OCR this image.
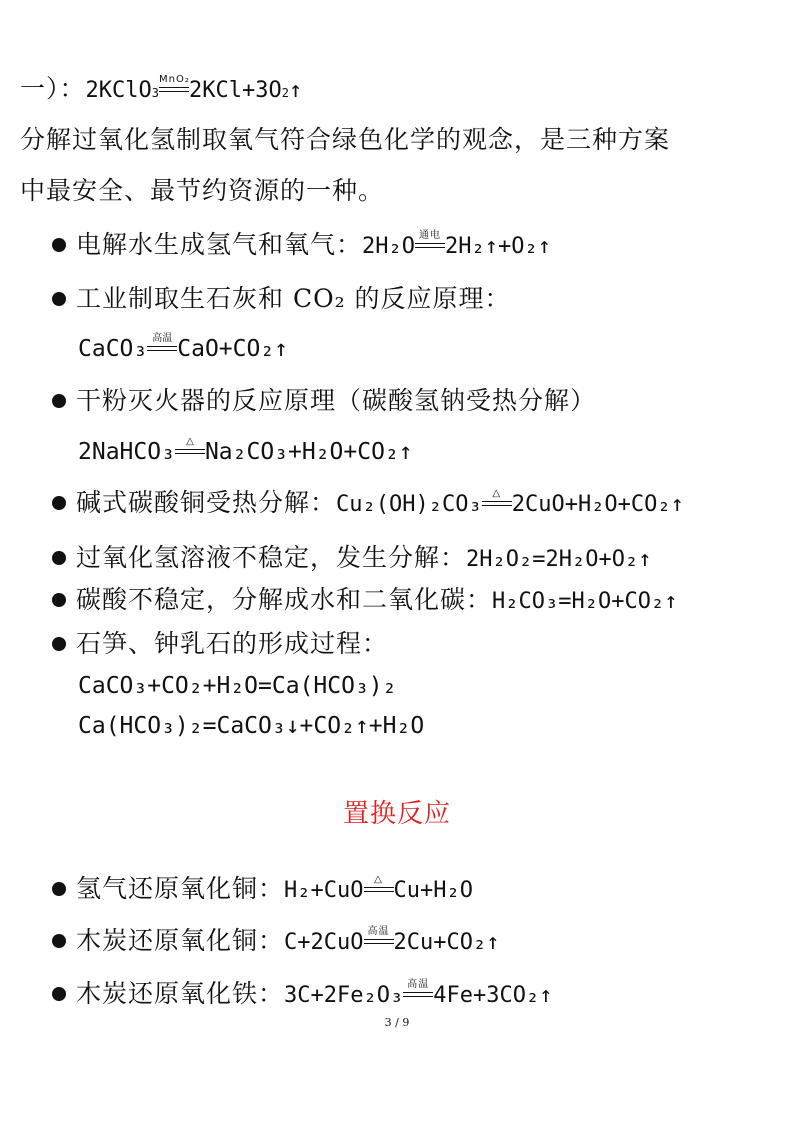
一）：2KClO3
MnO₂ 2KCl+3O2↑
分解过氧化氢制取氧气符合绿色化学的观念，是三种方案
中最安全、最节约资源的一种。
电解水生成氢气和氧气：2H₂O 通电 2H₂↑+O₂↑
工业制取生石灰和 CO₂ 的反应原理：
CaCO₃ 高温 CaO+CO₂↑
干粉灭火器的反应原理（碳酸氢钠受热分解）
2NaHCO₃	△ Na₂CO₃+H₂O+CO₂↑
碱式碳酸铜受热分解：Cu₂(OH)₂CO₃	△ 2CuO+H₂O+CO₂↑
过氧化氢溶液不稳定，发生分解：2H₂O₂=2H₂O+O₂↑
碳酸不稳定，分解成水和二氧化碳：H₂CO₃=H₂O+CO₂↑
石笋、钟乳石的形成过程：
CaCO₃+CO₂+H₂O=Ca(HCO₃)₂
Ca(HCO₃)₂=CaCO₃↓+CO₂↑+H₂O
置换反应
氢气还原氧化铜：H₂+CuO	△ Cu+H₂O
木炭还原氧化铜：C+2CuO 高温 2Cu+CO₂↑
木炭还原氧化铁：3C+2Fe₂O₃ 高温 4Fe+3CO₂↑
3 / 9
